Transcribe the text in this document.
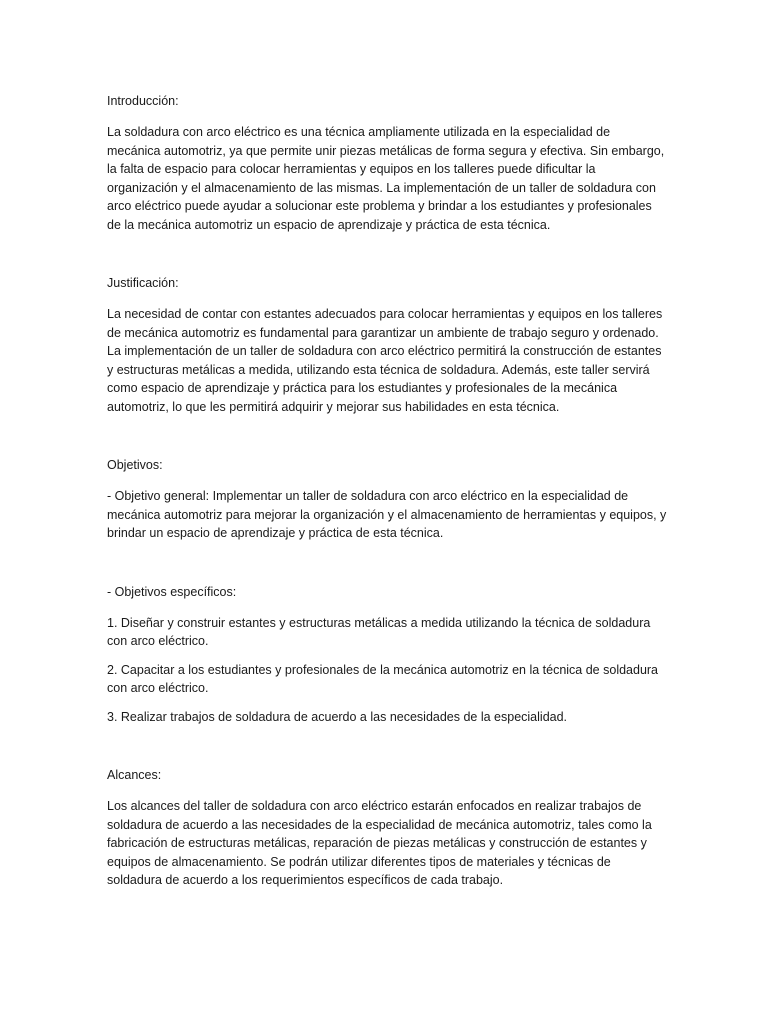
Introducción:

La soldadura con arco eléctrico es una técnica ampliamente utilizada en la especialidad de mecánica automotriz, ya que permite unir piezas metálicas de forma segura y efectiva. Sin embargo, la falta de espacio para colocar herramientas y equipos en los talleres puede dificultar la organización y el almacenamiento de las mismas. La implementación de un taller de soldadura con arco eléctrico puede ayudar a solucionar este problema y brindar a los estudiantes y profesionales de la mecánica automotriz un espacio de aprendizaje y práctica de esta técnica.

Justificación:

La necesidad de contar con estantes adecuados para colocar herramientas y equipos en los talleres de mecánica automotriz es fundamental para garantizar un ambiente de trabajo seguro y ordenado. La implementación de un taller de soldadura con arco eléctrico permitirá la construcción de estantes y estructuras metálicas a medida, utilizando esta técnica de soldadura. Además, este taller servirá como espacio de aprendizaje y práctica para los estudiantes y profesionales de la mecánica automotriz, lo que les permitirá adquirir y mejorar sus habilidades en esta técnica.

Objetivos:

- Objetivo general: Implementar un taller de soldadura con arco eléctrico en la especialidad de mecánica automotriz para mejorar la organización y el almacenamiento de herramientas y equipos, y brindar un espacio de aprendizaje y práctica de esta técnica.

- Objetivos específicos:

1. Diseñar y construir estantes y estructuras metálicas a medida utilizando la técnica de soldadura con arco eléctrico.

2. Capacitar a los estudiantes y profesionales de la mecánica automotriz en la técnica de soldadura con arco eléctrico.

3. Realizar trabajos de soldadura de acuerdo a las necesidades de la especialidad.

Alcances:

Los alcances del taller de soldadura con arco eléctrico estarán enfocados en realizar trabajos de soldadura de acuerdo a las necesidades de la especialidad de mecánica automotriz, tales como la fabricación de estructuras metálicas, reparación de piezas metálicas y construcción de estantes y equipos de almacenamiento. Se podrán utilizar diferentes tipos de materiales y técnicas de soldadura de acuerdo a los requerimientos específicos de cada trabajo.
